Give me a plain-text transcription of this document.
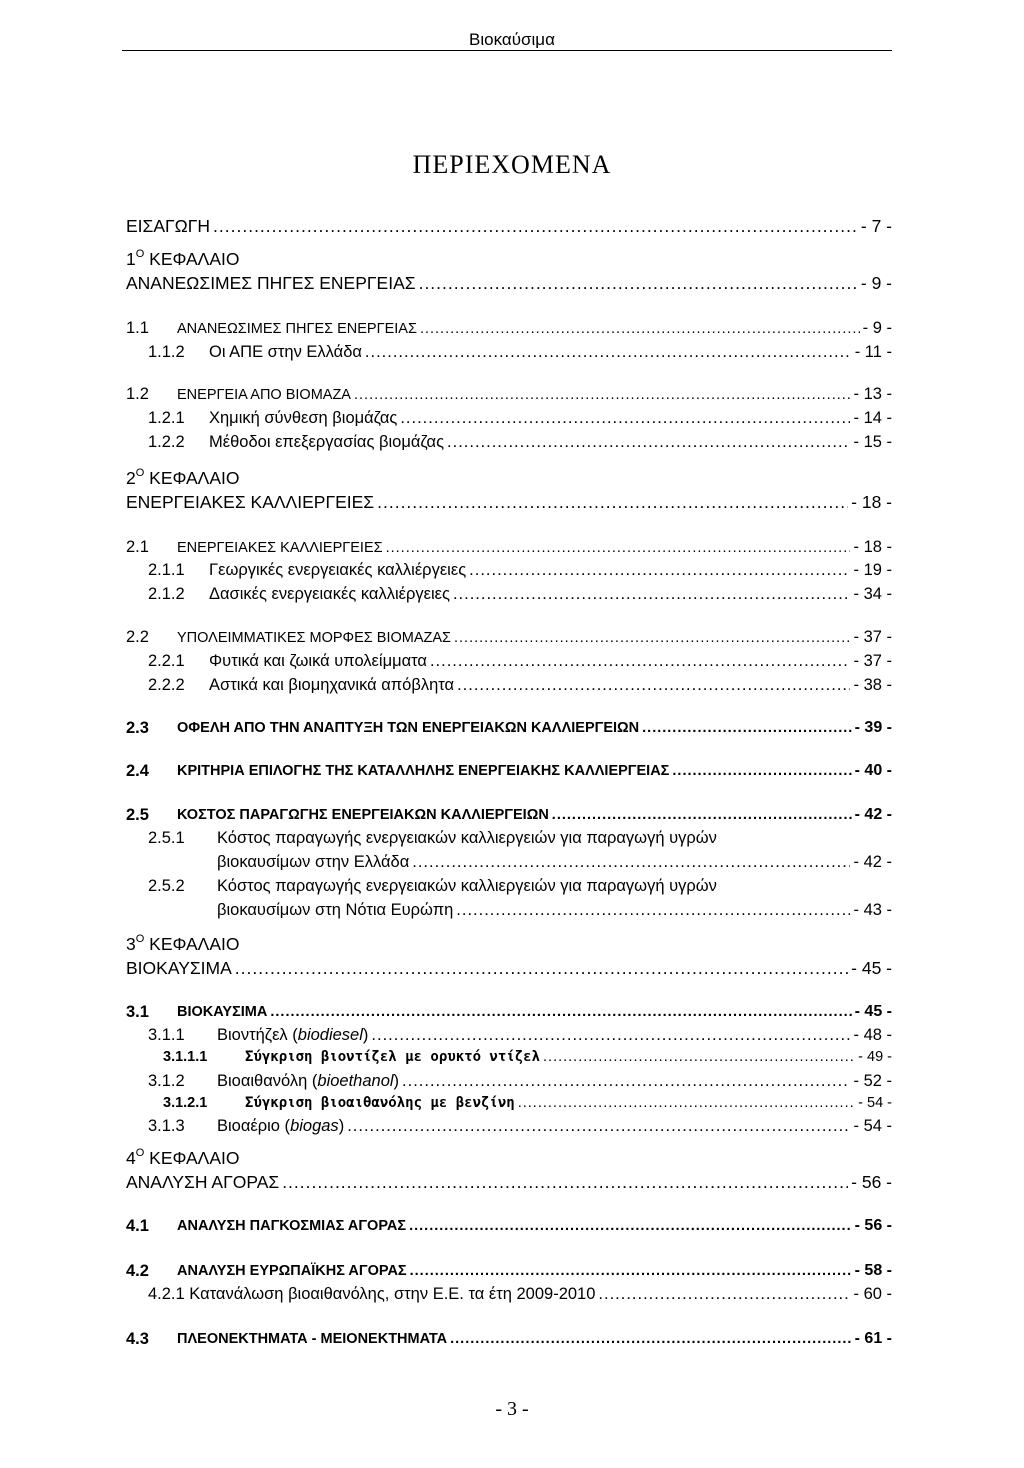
Βιοκαύσιμα
ΠΕΡΙΕΧΟΜΕΝΑ
ΕΙΣΑΓΩΓΗ .....	- 7 -
$1^O$ ΚΕΦΑΛΑΙΟ
ΑΝΑΝΕΩΣΙΜΕΣ ΠΗΓΕΣ ΕΝΕΡΓΕΙΑΣ .....	- 9 -
1.1 ΑΝΑΝΕΩΣΙΜΕΣ ΠΗΓΕΣ ΕΝΕΡΓΕΙΑΣ .....	- 9 -
1.1.2 Οι ΑΠΕ στην Ελλάδα .....	- 11 -
1.2 ΕΝΕΡΓΕΙΑ ΑΠΟ ΒΙΟΜΑΖΑ .....	- 13 -
1.2.1 Χημική σύνθεση βιομάζας .....	- 14 -
1.2.2 Μέθοδοι επεξεργασίας βιομάζας .....	- 15 -
$2^O$ ΚΕΦΑΛΑΙΟ
ΕΝΕΡΓΕΙΑΚΕΣ ΚΑΛΛΙΕΡΓΕΙΕΣ .....	- 18 -
2.1 ΕΝΕΡΓΕΙΑΚΕΣ ΚΑΛΛΙΕΡΓΕΙΕΣ .....	- 18 -
2.1.1 Γεωργικές ενεργειακές καλλιέργειες .....	- 19 -
2.1.2 Δασικές ενεργειακές καλλιέργειες .....	- 34 -
2.2 ΥΠΟΛΕΙΜΜΑΤΙΚΕΣ ΜΟΡΦΕΣ ΒΙΟΜΑΖΑΣ .....	- 37 -
2.2.1 Φυτικά και ζωικά υπολείμματα .....	- 37 -
2.2.2 Αστικά και βιομηχανικά απόβλητα .....	- 38 -
2.3 ΟΦΕΛΗ ΑΠΟ ΤΗΝ ΑΝΑΠΤΥΞΗ ΤΩΝ ΕΝΕΡΓΕΙΑΚΩΝ ΚΑΛΛΙΕΡΓΕΙΩΝ .....	- 39 -
2.4 ΚΡΙΤΗΡΙΑ ΕΠΙΛΟΓΗΣ ΤΗΣ ΚΑΤΑΛΛΗΛΗΣ ΕΝΕΡΓΕΙΑΚΗΣ ΚΑΛΛΙΕΡΓΕΙΑΣ .....	- 40 -
2.5 ΚΟΣΤΟΣ ΠΑΡΑΓΩΓΗΣ ΕΝΕΡΓΕΙΑΚΩΝ ΚΑΛΛΙΕΡΓΕΙΩΝ .....	- 42 -
2.5.1 Κόστος παραγωγής ενεργειακών καλλιεργειών για παραγωγή υγρών
βιοκαυσίμων στην Ελλάδα .....	- 42 -
2.5.2 Κόστος παραγωγής ενεργειακών καλλιεργειών για παραγωγή υγρών
βιοκαυσίμων στη Νότια Ευρώπη .....	- 43 -
$3^O$ ΚΕΦΑΛΑΙΟ
ΒΙΟΚΑΥΣΙΜΑ .....	- 45 -
3.1 ΒΙΟΚΑΥΣΙΜΑ .....	- 45 -
3.1.1 Βιοντήζελ (biodiesel) .....	- 48 -
3.1.1.1	Σύγκριση βιοντίζελ με ορυκτό ντίζελ .....	- 49 -
3.1.2 Βιοαιθανόλη (bioethanol) .....	- 52 -
3.1.2.1	Σύγκριση βιοαιθανόλης με βενζίνη .....	- 54 -
3.1.3 Βιοαέριο (biogas) .....	- 54 -
$4^O$ ΚΕΦΑΛΑΙΟ
ΑΝΑΛΥΣΗ ΑΓΟΡΑΣ .....	- 56 -
4.1 ΑΝΑΛΥΣΗ ΠΑΓΚΟΣΜΙΑΣ ΑΓΟΡΑΣ .....	- 56 -
4.2 ΑΝΑΛΥΣΗ ΕΥΡΩΠΑΪΚΗΣ ΑΓΟΡΑΣ .....	- 58 -
4.2.1 Κατανάλωση βιοαιθανόλης, στην Ε.Ε. τα έτη 2009-2010 .....	- 60 -
4.3 ΠΛΕΟΝΕΚΤΗΜΑΤΑ - ΜΕΙΟΝΕΚΤΗΜΑΤΑ .....	- 61 -
- 3 -
